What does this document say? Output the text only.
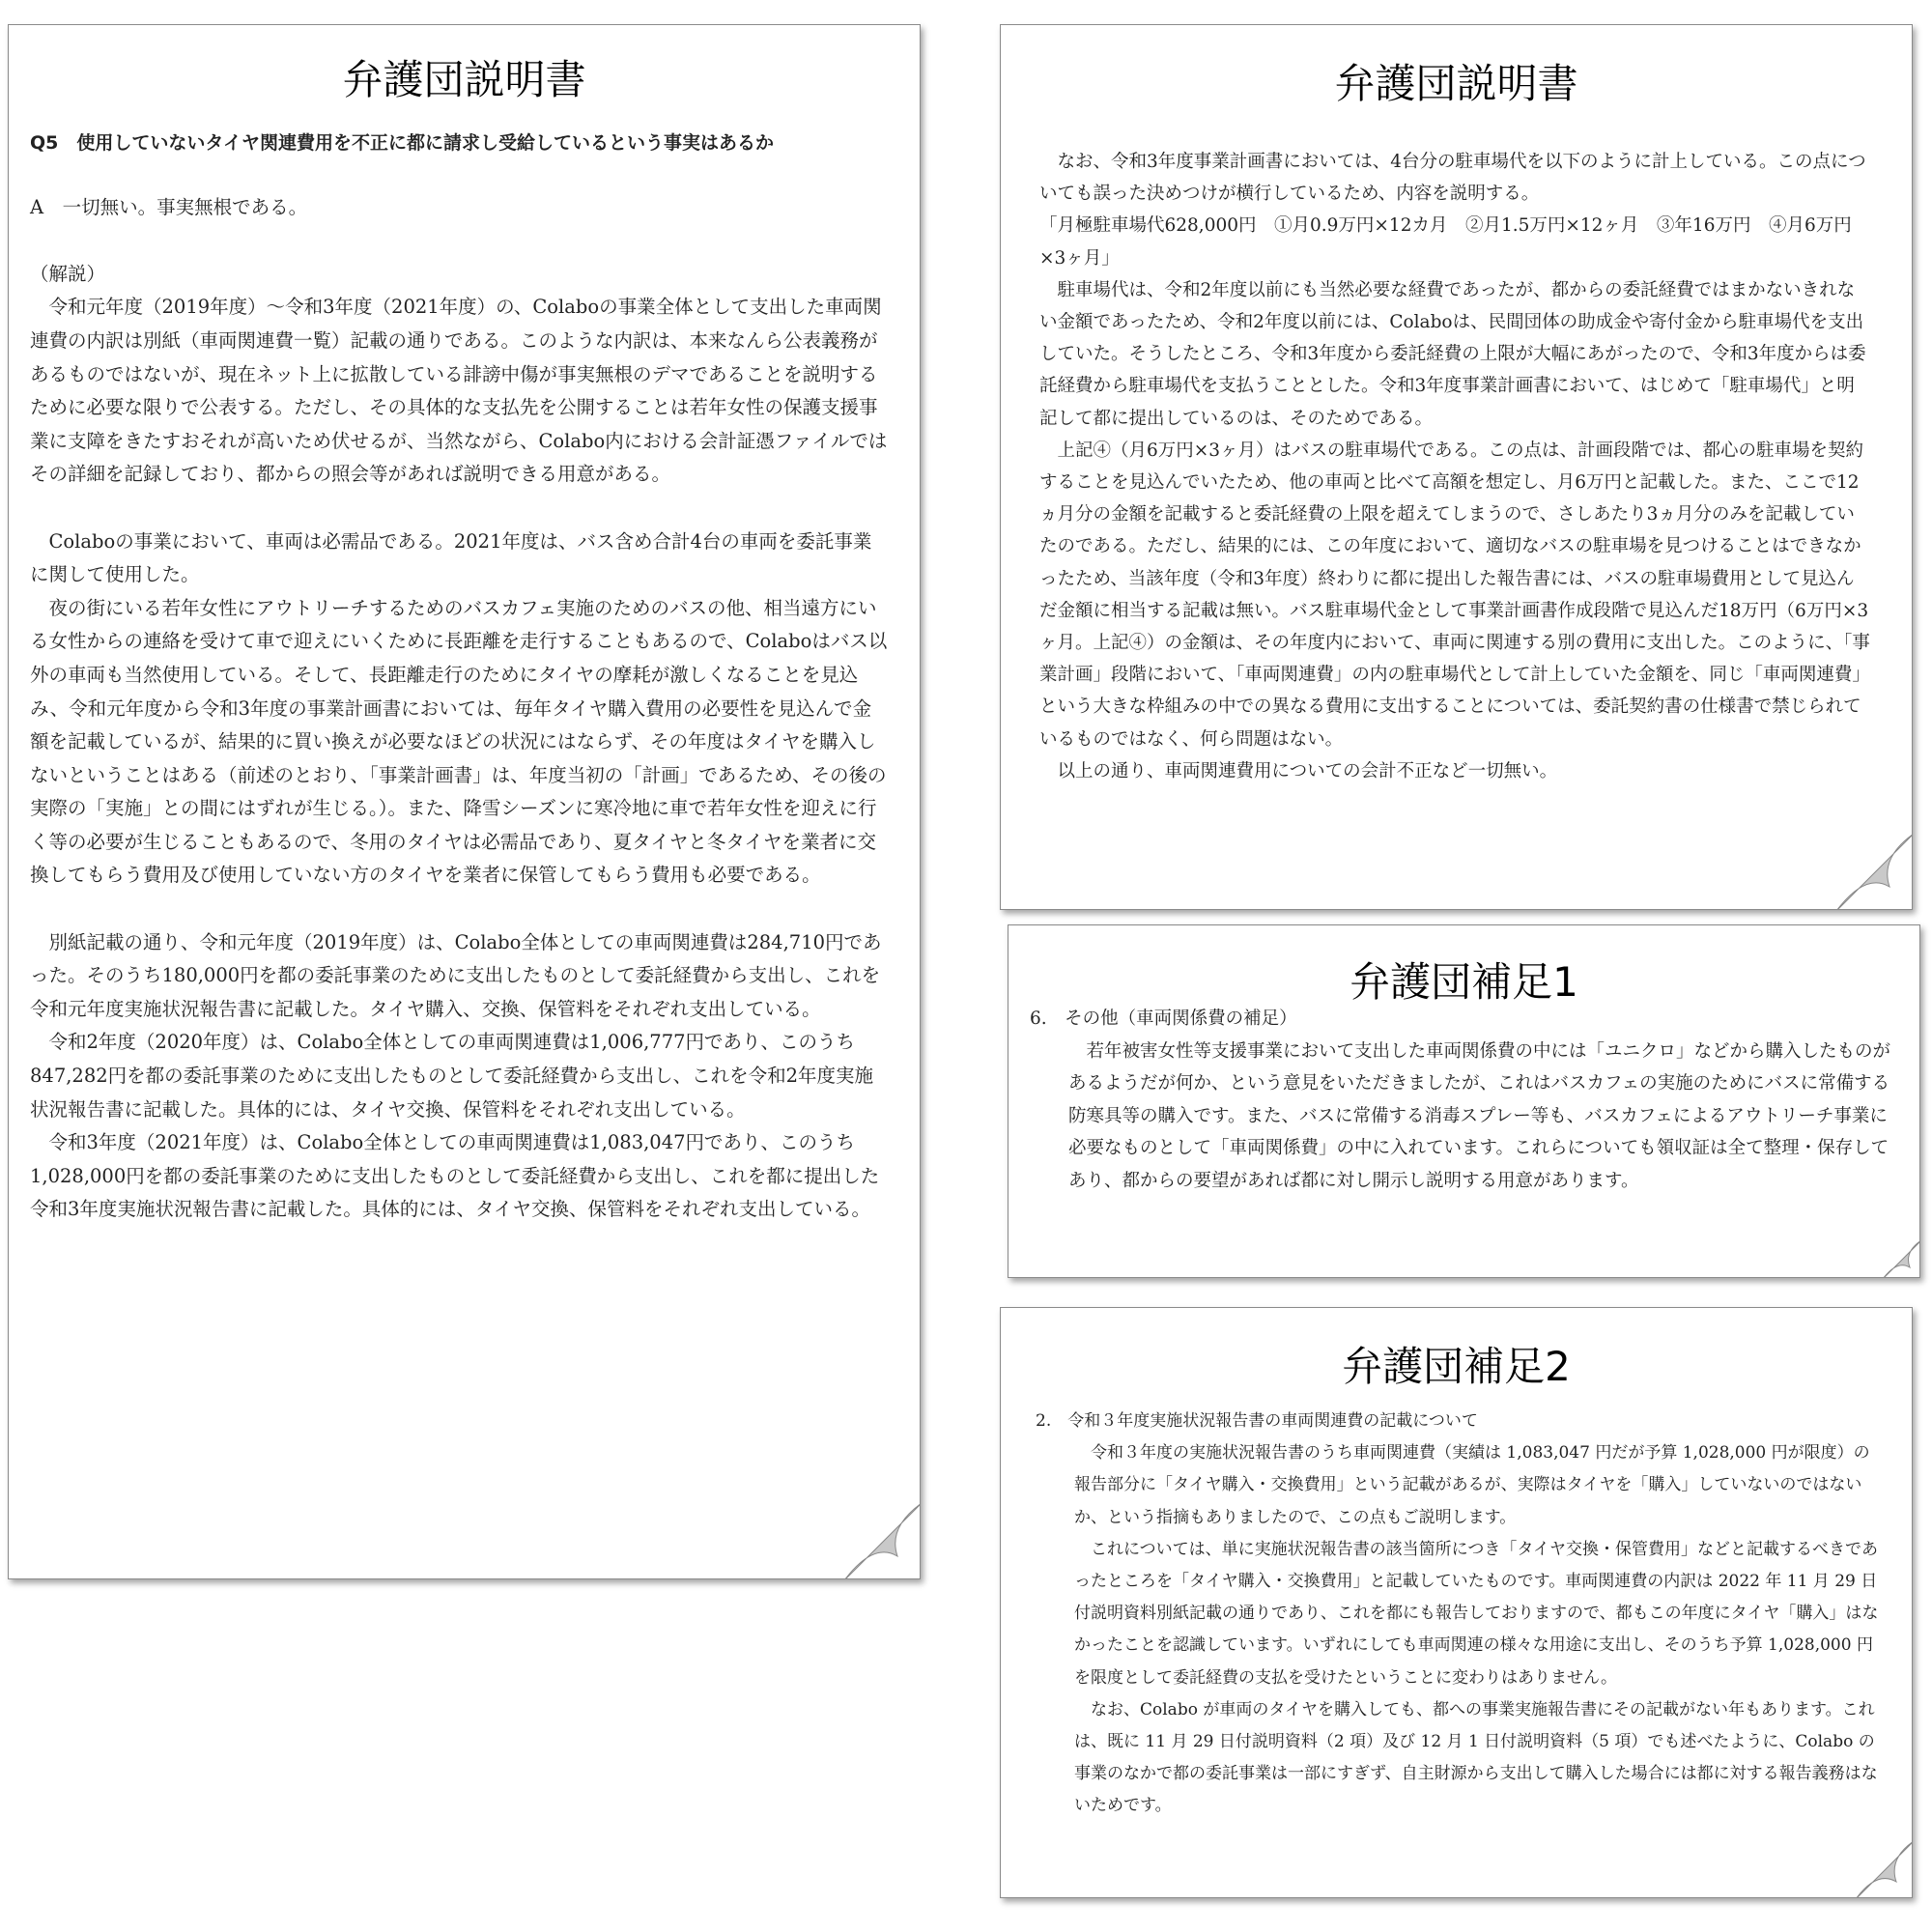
弁護団説明書

Q5　使用していないタイヤ関連費用を不正に都に請求し受給しているという事実はあるか

A　一切無い。事実無根である。

（解説）

　令和元年度（2019年度）～令和3年度（2021年度）の、Colaboの事業全体として支出した車両関連費の内訳は別紙（車両関連費一覧）記載の通りである。このような内訳は、本来なんら公表義務があるものではないが、現在ネット上に拡散している誹謗中傷が事実無根のデマであることを説明するために必要な限りで公表する。ただし、その具体的な支払先を公開することは若年女性の保護支援事業に支障をきたすおそれが高いため伏せるが、当然ながら、Colabo内における会計証憑ファイルではその詳細を記録しており、都からの照会等があれば説明できる用意がある。

　Colaboの事業において、車両は必需品である。2021年度は、バス含め合計4台の車両を委託事業に関して使用した。

　夜の街にいる若年女性にアウトリーチするためのバスカフェ実施のためのバスの他、相当遠方にいる女性からの連絡を受けて車で迎えにいくために長距離を走行することもあるので、Colaboはバス以外の車両も当然使用している。そして、長距離走行のためにタイヤの摩耗が激しくなることを見込み、令和元年度から令和3年度の事業計画書においては、毎年タイヤ購入費用の必要性を見込んで金額を記載しているが、結果的に買い換えが必要なほどの状況にはならず、その年度はタイヤを購入しないということはある（前述のとおり、「事業計画書」は、年度当初の「計画」であるため、その後の実際の「実施」との間にはずれが生じる。）。また、降雪シーズンに寒冷地に車で若年女性を迎えに行く等の必要が生じることもあるので、冬用のタイヤは必需品であり、夏タイヤと冬タイヤを業者に交換してもらう費用及び使用していない方のタイヤを業者に保管してもらう費用も必要である。

　別紙記載の通り、令和元年度（2019年度）は、Colabo全体としての車両関連費は284,710円であった。そのうち180,000円を都の委託事業のために支出したものとして委託経費から支出し、これを令和元年度実施状況報告書に記載した。タイヤ購入、交換、保管料をそれぞれ支出している。

　令和2年度（2020年度）は、Colabo全体としての車両関連費は1,006,777円であり、このうち847,282円を都の委託事業のために支出したものとして委託経費から支出し、これを令和2年度実施状況報告書に記載した。具体的には、タイヤ交換、保管料をそれぞれ支出している。

　令和3年度（2021年度）は、Colabo全体としての車両関連費は1,083,047円であり、このうち1,028,000円を都の委託事業のために支出したものとして委託経費から支出し、これを都に提出した令和3年度実施状況報告書に記載した。具体的には、タイヤ交換、保管料をそれぞれ支出している。

弁護団説明書

　なお、令和3年度事業計画書においては、4台分の駐車場代を以下のように計上している。この点についても誤った決めつけが横行しているため、内容を説明する。

「月極駐車場代628,000円　①月0.9万円×12カ月　②月1.5万円×12ヶ月　③年16万円　④月6万円×3ヶ月」

　駐車場代は、令和2年度以前にも当然必要な経費であったが、都からの委託経費ではまかないきれない金額であったため、令和2年度以前には、Colaboは、民間団体の助成金や寄付金から駐車場代を支出していた。そうしたところ、令和3年度から委託経費の上限が大幅にあがったので、令和3年度からは委託経費から駐車場代を支払うこととした。令和3年度事業計画書において、はじめて「駐車場代」と明記して都に提出しているのは、そのためである。

　上記④（月6万円×3ヶ月）はバスの駐車場代である。この点は、計画段階では、都心の駐車場を契約することを見込んでいたため、他の車両と比べて高額を想定し、月6万円と記載した。また、ここで12ヵ月分の金額を記載すると委託経費の上限を超えてしまうので、さしあたり3ヵ月分のみを記載していたのである。ただし、結果的には、この年度において、適切なバスの駐車場を見つけることはできなかったため、当該年度（令和3年度）終わりに都に提出した報告書には、バスの駐車場費用として見込んだ金額に相当する記載は無い。バス駐車場代金として事業計画書作成段階で見込んだ18万円（6万円×3ヶ月。上記④）の金額は、その年度内において、車両に関連する別の費用に支出した。このように、「事業計画」段階において、「車両関連費」の内の駐車場代として計上していた金額を、同じ「車両関連費」という大きな枠組みの中での異なる費用に支出することについては、委託契約書の仕様書で禁じられているものではなく、何ら問題はない。

　以上の通り、車両関連費用についての会計不正など一切無い。

弁護団補足1

6.　その他（車両関係費の補足）

　若年被害女性等支援事業において支出した車両関係費の中には「ユニクロ」などから購入したものがあるようだが何か、という意見をいただきましたが、これはバスカフェの実施のためにバスに常備する防寒具等の購入です。また、バスに常備する消毒スプレー等も、バスカフェによるアウトリーチ事業に必要なものとして「車両関係費」の中に入れています。これらについても領収証は全て整理・保存してあり、都からの要望があれば都に対し開示し説明する用意があります。

弁護団補足2

2.　令和３年度実施状況報告書の車両関連費の記載について

　令和３年度の実施状況報告書のうち車両関連費（実績は 1,083,047 円だが予算 1,028,000 円が限度）の報告部分に「タイヤ購入・交換費用」という記載があるが、実際はタイヤを「購入」していないのではないか、という指摘もありましたので、この点もご説明します。

　これについては、単に実施状況報告書の該当箇所につき「タイヤ交換・保管費用」などと記載するべきであったところを「タイヤ購入・交換費用」と記載していたものです。車両関連費の内訳は 2022 年 11 月 29 日付説明資料別紙記載の通りであり、これを都にも報告しておりますので、都もこの年度にタイヤ「購入」はなかったことを認識しています。いずれにしても車両関連の様々な用途に支出し、そのうち予算 1,028,000 円を限度として委託経費の支払を受けたということに変わりはありません。

　なお、Colabo が車両のタイヤを購入しても、都への事業実施報告書にその記載がない年もあります。これは、既に 11 月 29 日付説明資料（2 項）及び 12 月 1 日付説明資料（5 項）でも述べたように、Colabo の事業のなかで都の委託事業は一部にすぎず、自主財源から支出して購入した場合には都に対する報告義務はないためです。
